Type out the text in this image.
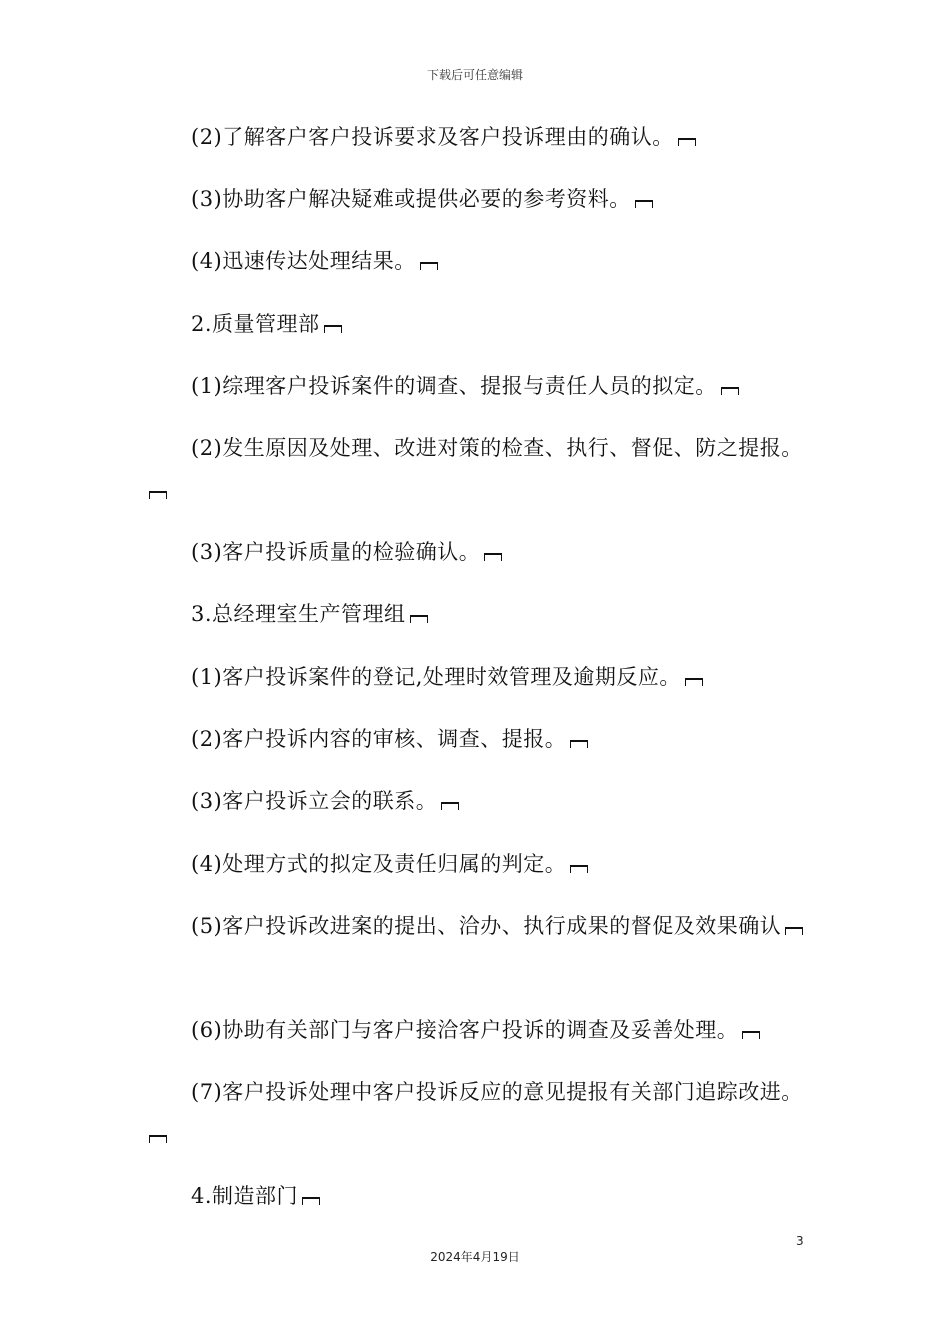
下载后可任意编辑

(2)了解客户客户投诉要求及客户投诉理由的确认。

(3)协助客户解决疑难或提供必要的参考资料。

(4)迅速传达处理结果。

2.质量管理部

(1)综理客户投诉案件的调查、提报与责任人员的拟定。

(2)发生原因及处理、改进对策的检查、执行、督促、防之提报。

(3)客户投诉质量的检验确认。

3.总经理室生产管理组

(1)客户投诉案件的登记,处理时效管理及逾期反应。

(2)客户投诉内容的审核、调查、提报。

(3)客户投诉立会的联系。

(4)处理方式的拟定及责任归属的判定。

(5)客户投诉改进案的提出、洽办、执行成果的督促及效果确认

(6)协助有关部门与客户接洽客户投诉的调查及妥善处理。

(7)客户投诉处理中客户投诉反应的意见提报有关部门追踪改进。

4.制造部门

3
2024年4月19日
